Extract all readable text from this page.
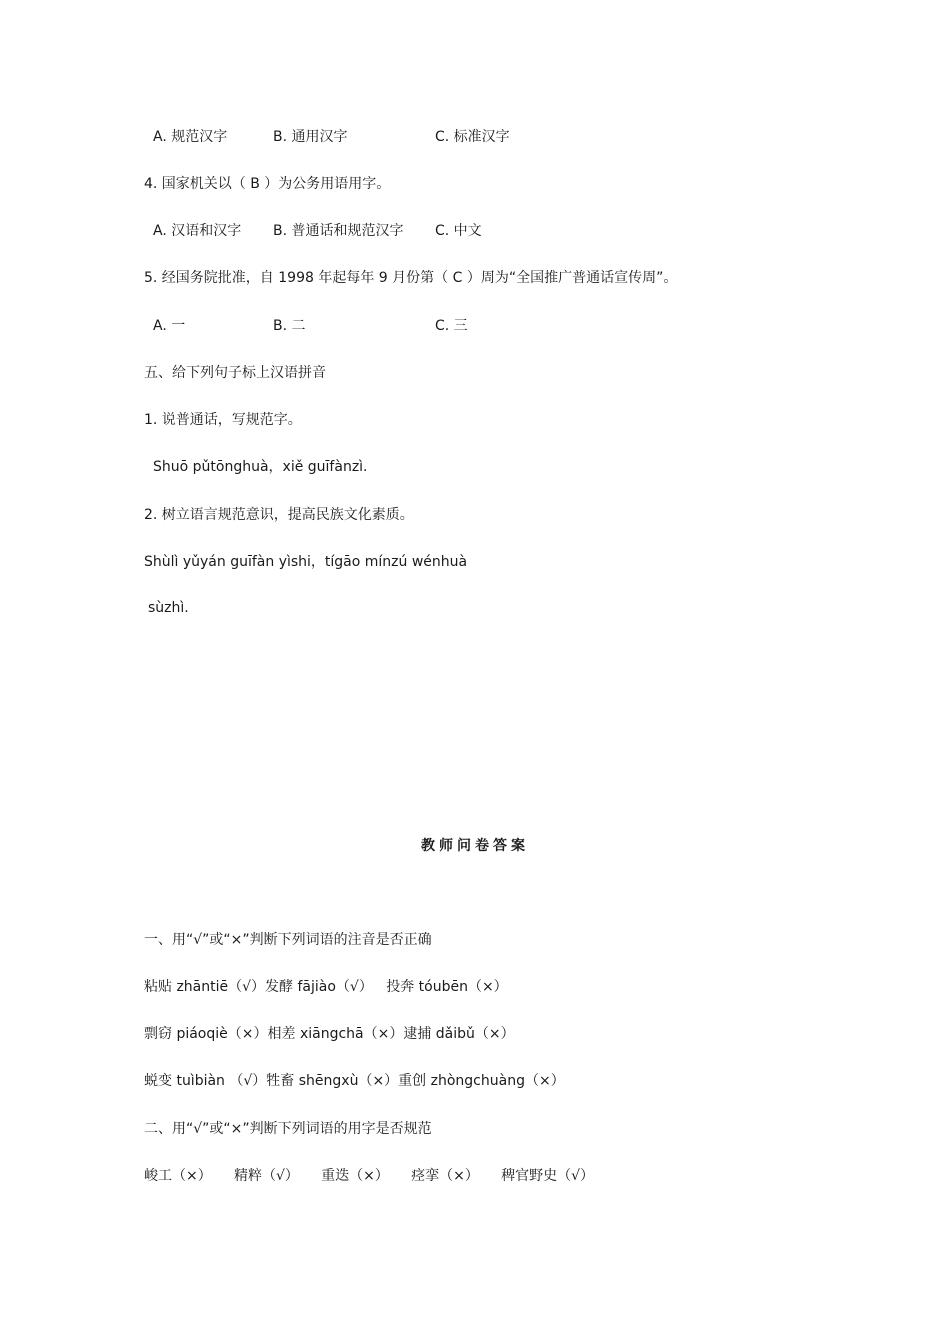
A. 规范汉字	B. 通用汉字	C. 标准汉字
4. 国家机关以（ B ）为公务用语用字。
A. 汉语和汉字 B. 普通话和规范汉字 C. 中文
5. 经国务院批准，自 1998 年起每年 9 月份第（ C ）周为“全国推广普通话宣传周”。
A. 一	B. 二	C. 三
五、给下列句子标上汉语拼音
1. 说普通话，写规范字。
Shuō pǔtōnghuà，xiě guīfànzì.
2. 树立语言规范意识，提高民族文化素质。
Shùlì yǔyán guīfàn yìshi，tígāo mínzú wénhuà
sùzhì.
教师问卷答案
一、用“√”或“×”判断下列词语的注音是否正确
粘贴 zhāntiē（√）发酵 fājiào（√）   投奔 tóubēn（×）
剽窃 piáoqiè（×）相差 xiāngchā（×）逮捕 dǎibǔ（×）
蜕变 tuìbiàn （√）牲畜 shēngxù（×）重创 zhòngchuàng（×）
二、用“√”或“×”判断下列词语的用字是否规范
峻工（×）     精粹（√）     重迭（×）     痉挛（×）     稗官野史（√）
